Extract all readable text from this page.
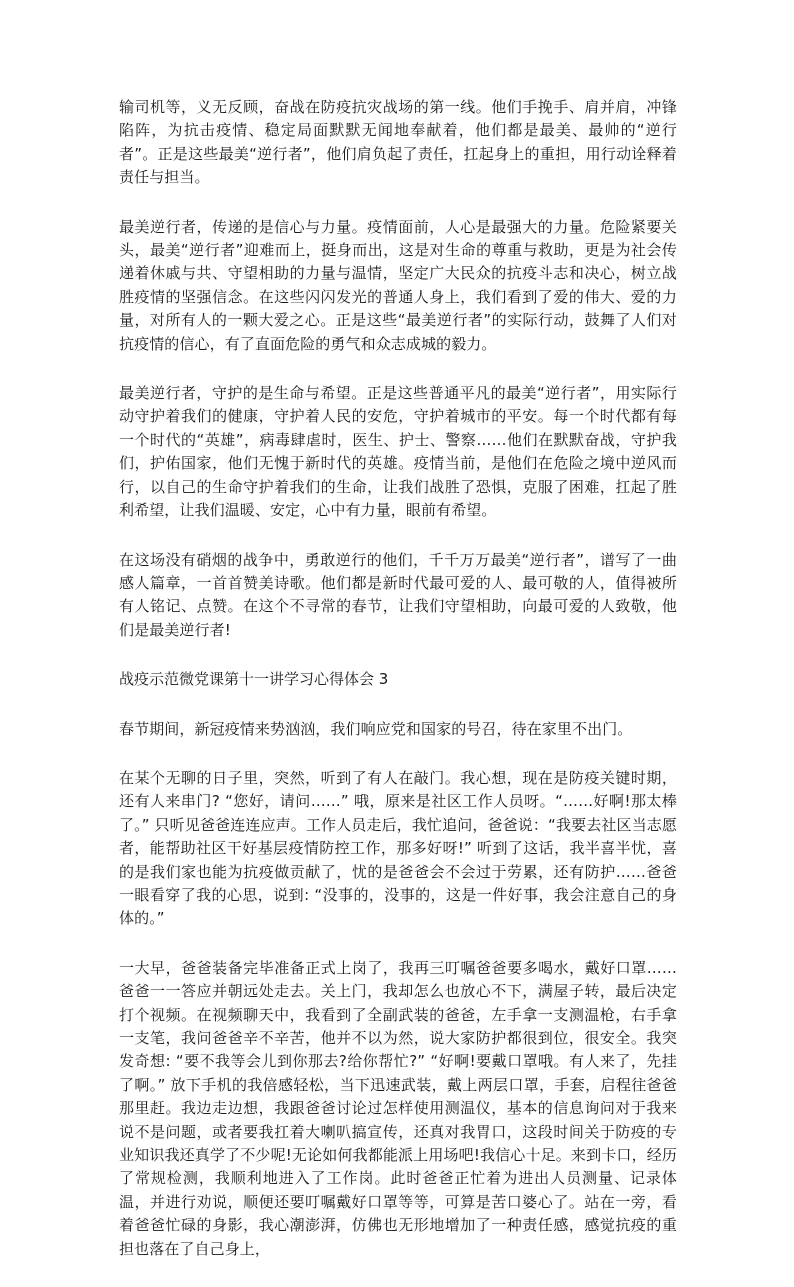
输司机等，义无反顾，奋战在防疫抗灾战场的第一线。他们手挽手、肩并肩，冲锋陷阵，为抗击疫情、稳定局面默默无闻地奉献着，他们都是最美、最帅的“逆行者”。正是这些最美“逆行者”，他们肩负起了责任，扛起身上的重担，用行动诠释着责任与担当。

最美逆行者，传递的是信心与力量。疫情面前，人心是最强大的力量。危险紧要关头，最美“逆行者”迎难而上，挺身而出，这是对生命的尊重与救助，更是为社会传递着休戚与共、守望相助的力量与温情，坚定广大民众的抗疫斗志和决心，树立战胜疫情的坚强信念。在这些闪闪发光的普通人身上，我们看到了爱的伟大、爱的力量，对所有人的一颗大爱之心。正是这些“最美逆行者”的实际行动，鼓舞了人们对抗疫情的信心，有了直面危险的勇气和众志成城的毅力。

最美逆行者，守护的是生命与希望。正是这些普通平凡的最美“逆行者”，用实际行动守护着我们的健康，守护着人民的安危，守护着城市的平安。每一个时代都有每一个时代的“英雄”，病毒肆虐时，医生、护士、警察……他们在默默奋战，守护我们，护佑国家，他们无愧于新时代的英雄。疫情当前，是他们在危险之境中逆风而行，以自己的生命守护着我们的生命，让我们战胜了恐惧，克服了困难，扛起了胜利希望，让我们温暖、安定，心中有力量，眼前有希望。

在这场没有硝烟的战争中，勇敢逆行的他们，千千万万最美“逆行者”，谱写了一曲感人篇章，一首首赞美诗歌。他们都是新时代最可爱的人、最可敬的人，值得被所有人铭记、点赞。在这个不寻常的春节，让我们守望相助，向最可爱的人致敬，他们是最美逆行者!

战疫示范微党课第十一讲学习心得体会 3

春节期间，新冠疫情来势汹汹，我们响应党和国家的号召，待在家里不出门。

在某个无聊的日子里，突然，听到了有人在敲门。我心想，现在是防疫关键时期，还有人来串门? “您好，请问……” 哦，原来是社区工作人员呀。“……好啊!那太棒了。” 只听见爸爸连连应声。工作人员走后，我忙追问，爸爸说：“我要去社区当志愿者，能帮助社区干好基层疫情防控工作，那多好呀!” 听到了这话，我半喜半忧，喜的是我们家也能为抗疫做贡献了，忧的是爸爸会不会过于劳累，还有防护……爸爸一眼看穿了我的心思，说到: “没事的，没事的，这是一件好事，我会注意自己的身体的。”

一大早，爸爸装备完毕准备正式上岗了，我再三叮嘱爸爸要多喝水，戴好口罩……爸爸一一答应并朝远处走去。关上门，我却怎么也放心不下，满屋子转，最后决定打个视频。在视频聊天中，我看到了全副武装的爸爸，左手拿一支测温枪，右手拿一支笔，我问爸爸辛不辛苦，他并不以为然，说大家防护都很到位，很安全。我突发奇想: “要不我等会儿到你那去?给你帮忙?” “好啊!要戴口罩哦。有人来了，先挂了啊。” 放下手机的我倍感轻松，当下迅速武装，戴上两层口罩，手套，启程往爸爸那里赶。我边走边想，我跟爸爸讨论过怎样使用测温仪，基本的信息询问对于我来说不是问题，或者要我扛着大喇叭搞宣传，还真对我胃口，这段时间关于防疫的专业知识我还真学了不少呢!无论如何我都能派上用场吧!我信心十足。来到卡口，经历了常规检测，我顺利地进入了工作岗。此时爸爸正忙着为进出人员测量、记录体温，并进行劝说，顺便还要叮嘱戴好口罩等等，可算是苦口婆心了。站在一旁，看着爸爸忙碌的身影，我心潮澎湃，仿佛也无形地增加了一种责任感，感觉抗疫的重担也落在了自己身上，
